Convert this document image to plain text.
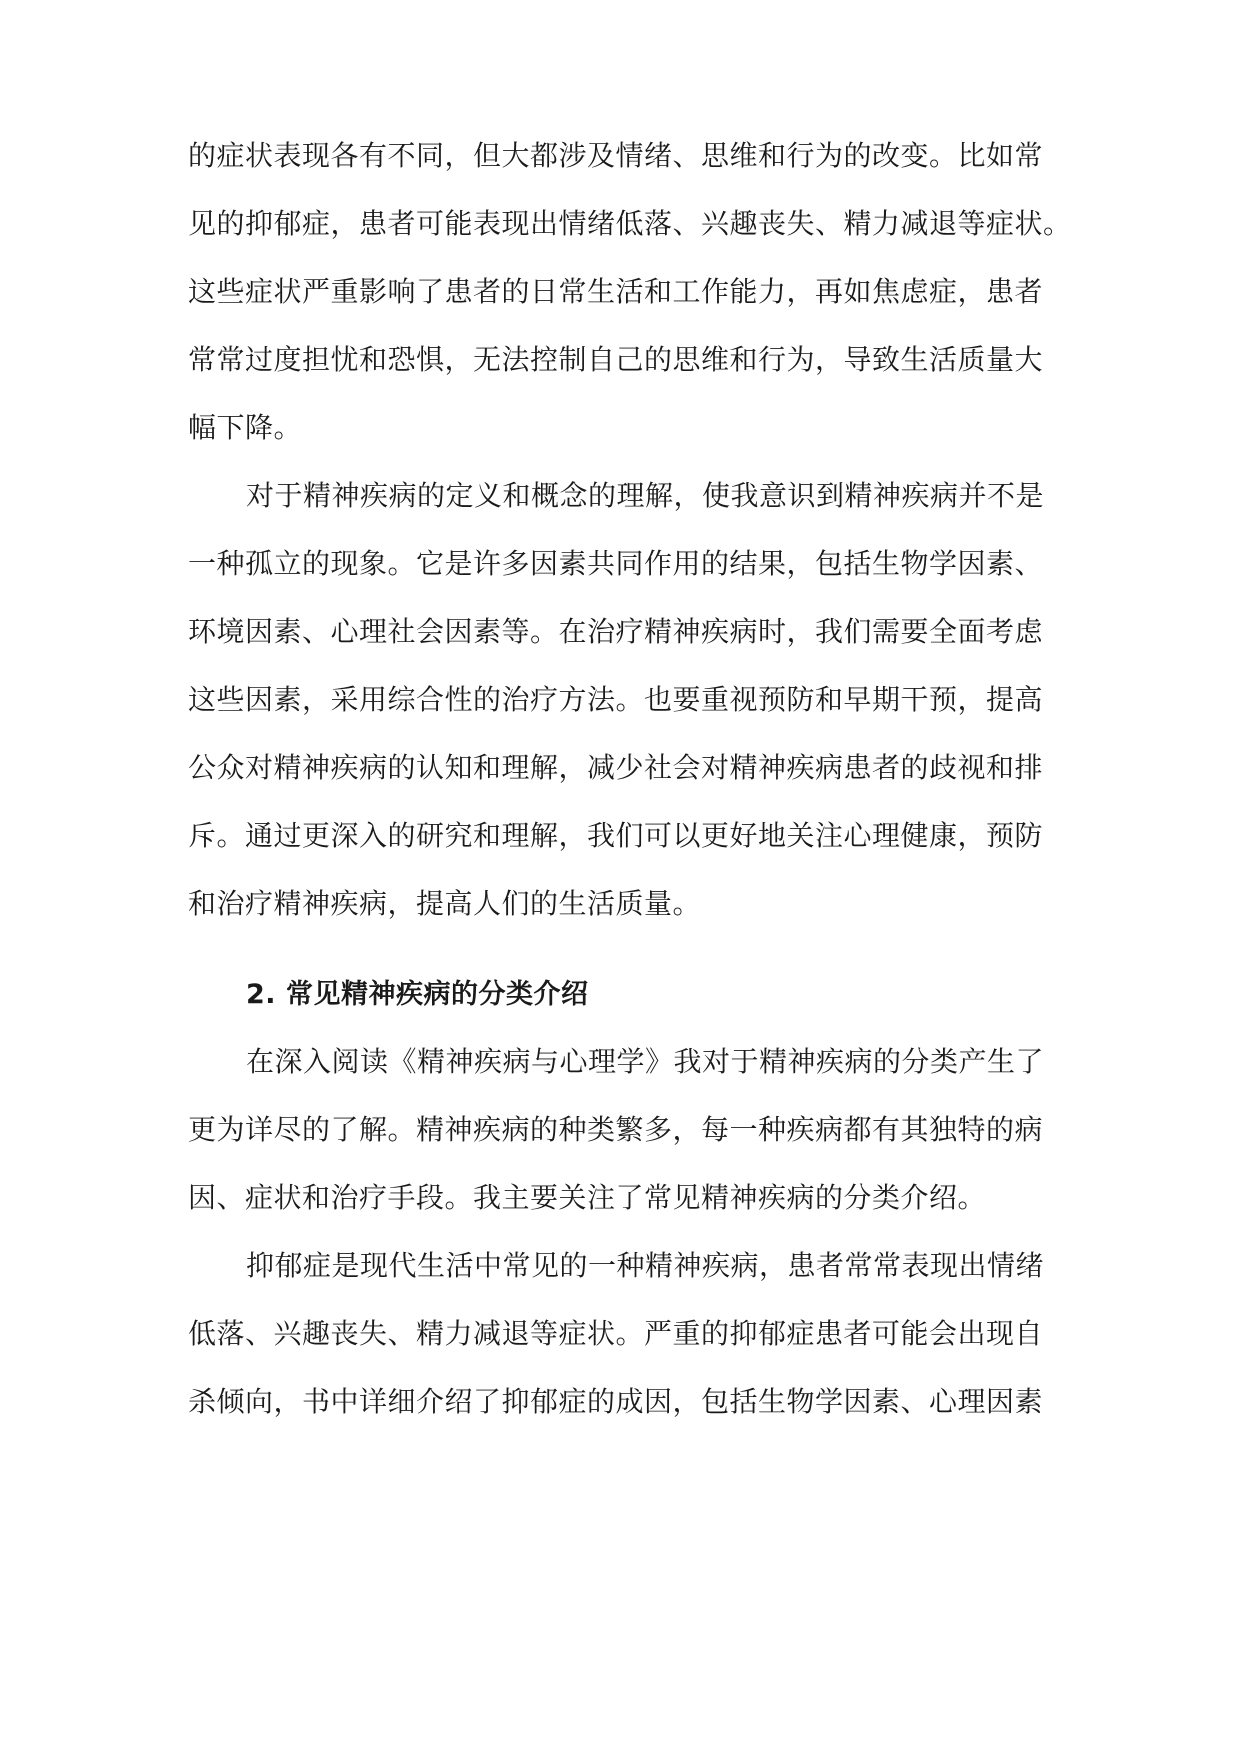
的症状表现各有不同，但大都涉及情绪、思维和行为的改变。比如常
见的抑郁症，患者可能表现出情绪低落、兴趣丧失、精力减退等症状。
这些症状严重影响了患者的日常生活和工作能力，再如焦虑症，患者
常常过度担忧和恐惧，无法控制自己的思维和行为，导致生活质量大
幅下降。
对于精神疾病的定义和概念的理解，使我意识到精神疾病并不是
一种孤立的现象。它是许多因素共同作用的结果，包括生物学因素、
环境因素、心理社会因素等。在治疗精神疾病时，我们需要全面考虑
这些因素，采用综合性的治疗方法。也要重视预防和早期干预，提高
公众对精神疾病的认知和理解，减少社会对精神疾病患者的歧视和排
斥。通过更深入的研究和理解，我们可以更好地关注心理健康，预防
和治疗精神疾病，提高人们的生活质量。
2. 常见精神疾病的分类介绍
在深入阅读《精神疾病与心理学》我对于精神疾病的分类产生了
更为详尽的了解。精神疾病的种类繁多，每一种疾病都有其独特的病
因、症状和治疗手段。我主要关注了常见精神疾病的分类介绍。
抑郁症是现代生活中常见的一种精神疾病，患者常常表现出情绪
低落、兴趣丧失、精力减退等症状。严重的抑郁症患者可能会出现自
杀倾向，书中详细介绍了抑郁症的成因，包括生物学因素、心理因素
